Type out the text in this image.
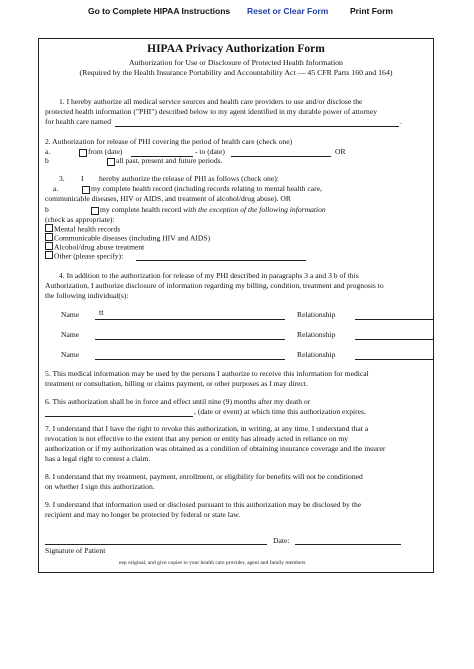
Go to Complete HIPAA Instructions Reset or Clear Form	Print Form
HIPAA Privacy Authorization Form
Authorization for Use or Disclosure of Protected Health Information
(Required by the Health Insurance Portability and Accountability Act — 45 CFR Parts 160 and 164)
1. I hereby authorize all medical service sources and health care providers to use and/or disclose the
protected health information ("PHI") described below to my agent identified in my durable power of attorney
for health care named	.
2. Authorization for release of PHI covering the period of health care (check one)
a.	from (date)	- to (date)	OR
b	all past, present and future periods.
3. I hereby authorize the release of PHI as follows (check one):
a.	my complete health record (including records relating to mental health care,
communicable diseases, HIV or AIDS, and treatment of alcohol/drug abuse). OR
b	my complete health record with the exception of the following information
(check as appropriate):
Mental health records
Communicable diseases (including HIV and AIDS)
Alcohol/drug abuse treatment
Other (please specify):
4. In addition to the authorization for release of my PHI described in paragraphs 3 a and 3 b of this
Authorization, I authorize disclosure of information regarding my billing, condition, treatment and prognosis to
the following individual(s):
Name tt	Relationship
Name	Relationship
Name	Relationship
5. This medical information may be used by the persons I authorize to receive this information for medical
treatment or consultation, billing or claims payment, or other purposes as I may direct.
6. This authorization shall be in force and effect until nine (9) months after my death or
, (date or event) at which time this authorization expires.
7. I understand that I have the right to revoke this authorization, in writing, at any time. I understand that a
revocation is not effective to the extent that any person or entity has already acted in reliance on my
authorization or if my authorization was obtained as a condition of obtaining insurance coverage and the insurer
has a legal right to contest a claim.
8. I understand that my treatment, payment, enrollment, or eligibility for benefits will not be conditioned
on whether I sign this authorization.
9. I understand that information used or disclosed pursuant to this authorization may be disclosed by the
recipient and may no longer be protected by federal or state law.
Date:
Signature of Patient
eep original, and give copies to your health care provider, agent and family members
